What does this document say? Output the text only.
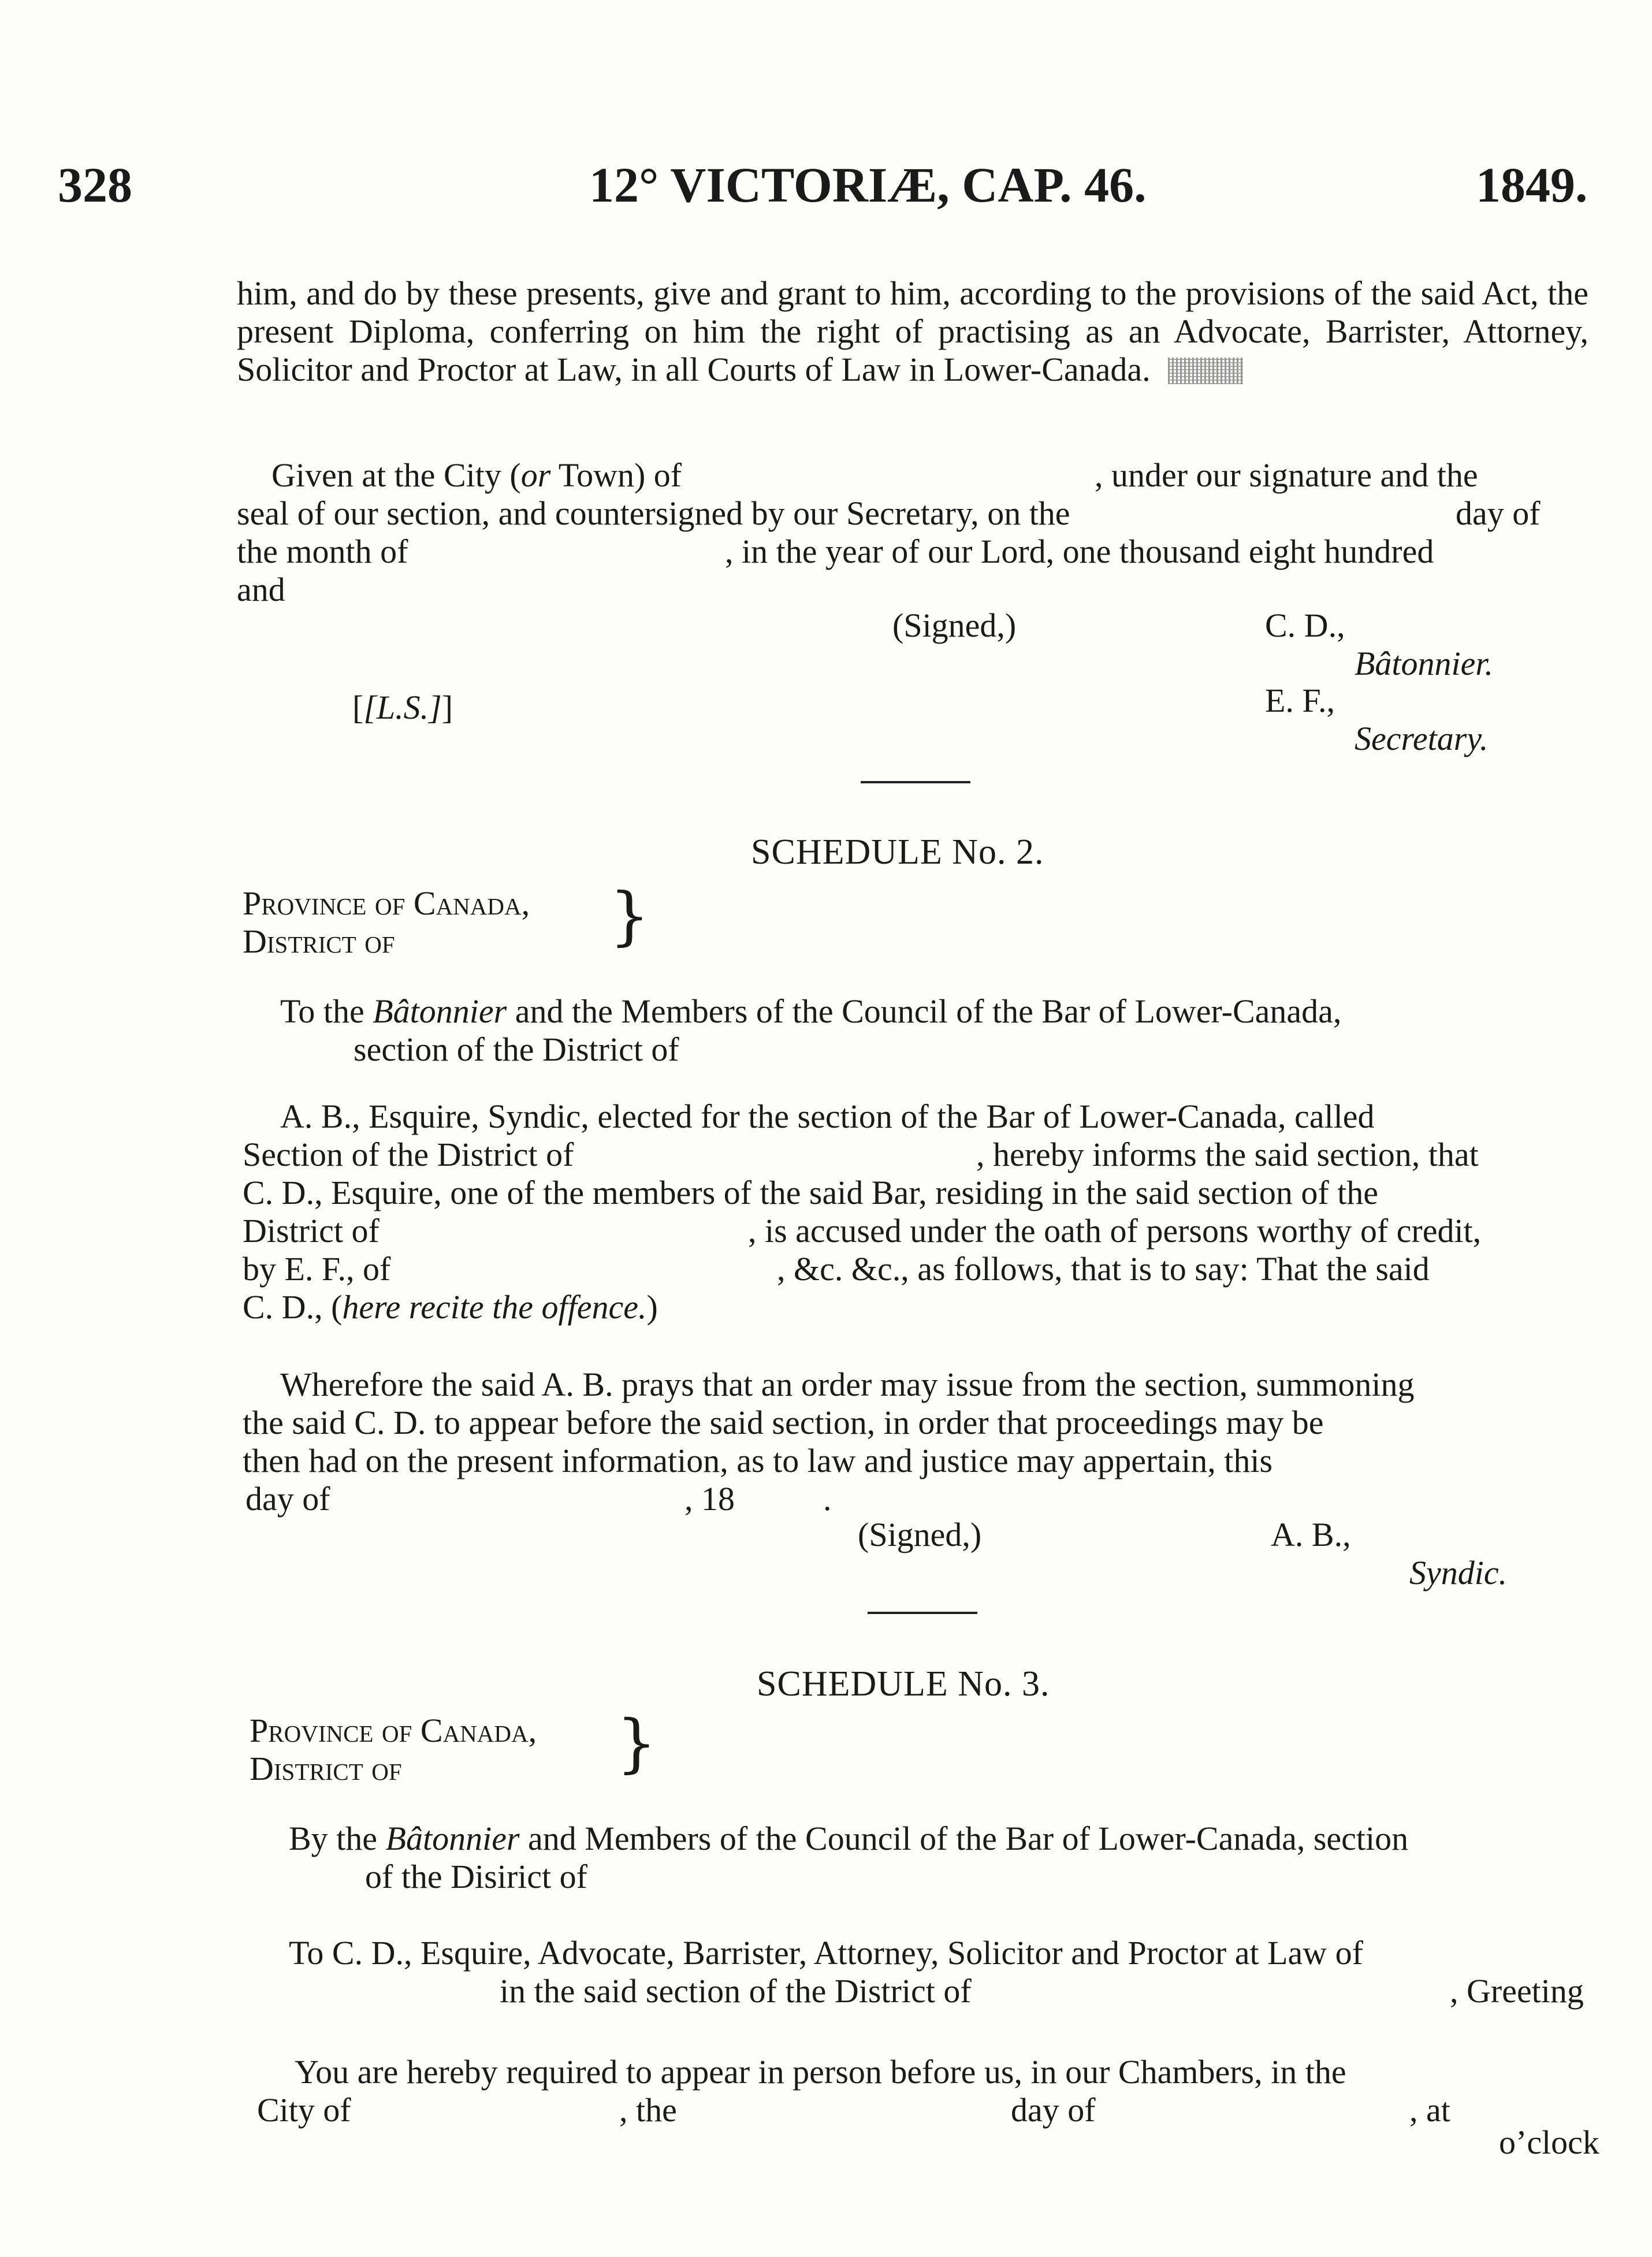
328	12° VICTORIÆ, CAP. 46.	1849.
him, and do by these presents, give and grant to him, according to the provisions of the said Act, the present Diploma, conferring on him the right of practising as an Advocate, Barrister, Attorney, Solicitor and Proctor at Law, in all Courts of Law in Lower-Canada.
Given at the City (or Town) of	, under our signature and the
seal of our section, and countersigned by our Secretary, on the	day of
the month of	, in the year of our Lord, one thousand eight hundred
and
(Signed,)	C. D.,
Bâtonnier.
[[L.S.]]	E. F.,
Secretary.
SCHEDULE No. 2.
Province of Canada,
District of	}
To the Bâtonnier and the Members of the Council of the Bar of Lower-Canada,
section of the District of
A. B., Esquire, Syndic, elected for the section of the Bar of Lower-Canada, called
Section of the District of	, hereby informs the said section, that
C. D., Esquire, one of the members of the said Bar, residing in the said section of the
District of	, is accused under the oath of persons worthy of credit,
by E. F., of	, &c. &c., as follows, that is to say: That the said
C. D., (here recite the offence.)
Wherefore the said A. B. prays that an order may issue from the section, summoning
the said C. D. to appear before the said section, in order that proceedings may be
then had on the present information, as to law and justice may appertain, this
day of	, 18	.
(Signed,)	A. B.,
Syndic.
SCHEDULE No. 3.
Province of Canada,
District of	}
By the Bâtonnier and Members of the Council of the Bar of Lower-Canada, section
of the Disirict of
To C. D., Esquire, Advocate, Barrister, Attorney, Solicitor and Proctor at Law of
in the said section of the District of	, Greeting
You are hereby required to appear in person before us, in our Chambers, in the
City of	, the	day of	, at
o’clock
